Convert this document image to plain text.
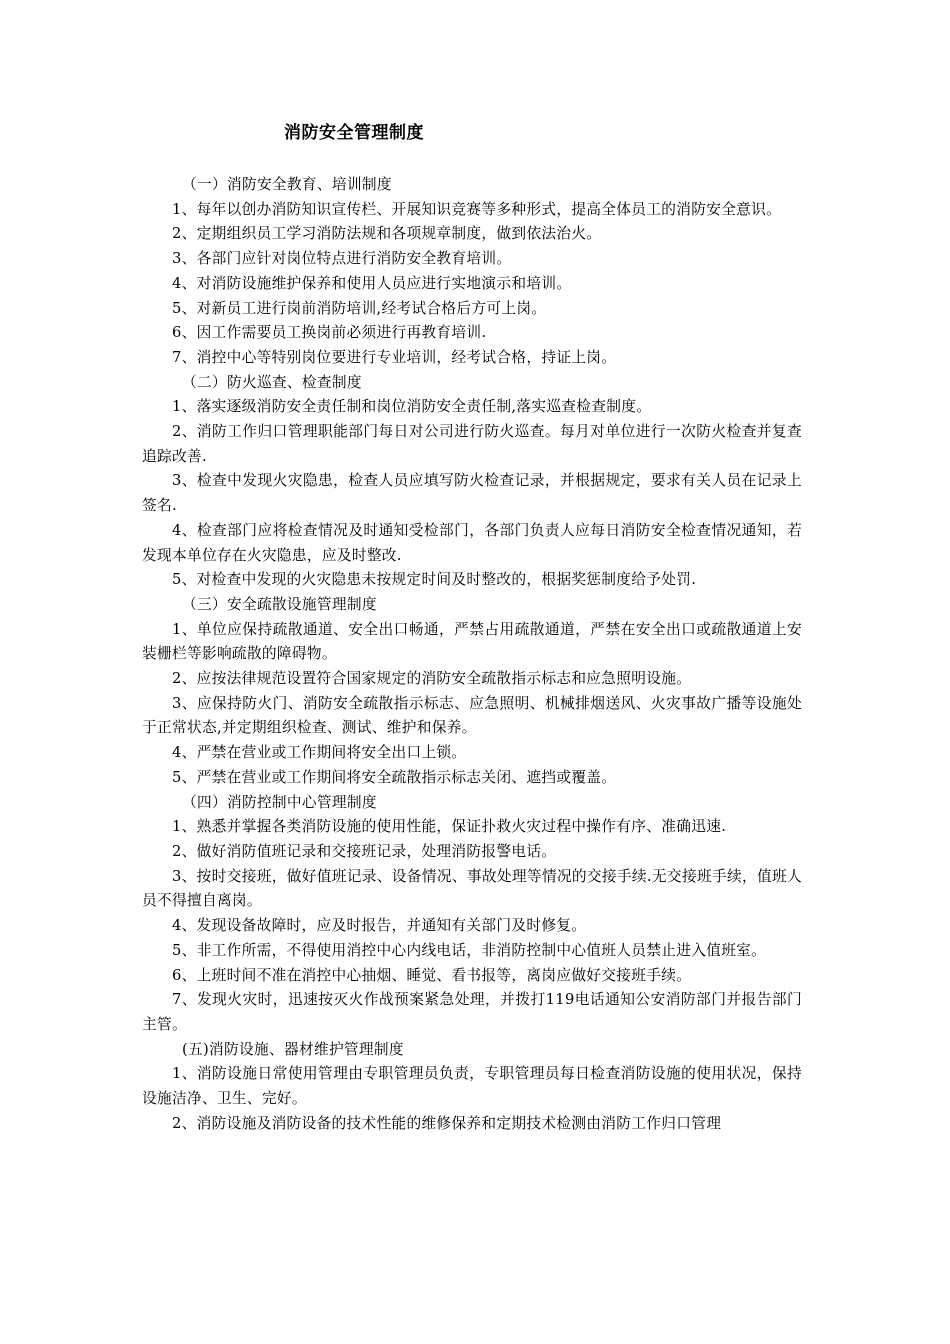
消防安全管理制度

（一）消防安全教育、培训制度

1、每年以创办消防知识宣传栏、开展知识竞赛等多种形式，提高全体员工的消防安全意识。

2、定期组织员工学习消防法规和各项规章制度，做到依法治火。

3、各部门应针对岗位特点进行消防安全教育培训。

4、对消防设施维护保养和使用人员应进行实地演示和培训。

5、对新员工进行岗前消防培训,经考试合格后方可上岗。

6、因工作需要员工换岗前必须进行再教育培训.

7、消控中心等特别岗位要进行专业培训，经考试合格，持证上岗。

（二）防火巡查、检查制度

1、落实逐级消防安全责任制和岗位消防安全责任制,落实巡查检查制度。

2、消防工作归口管理职能部门每日对公司进行防火巡查。每月对单位进行一次防火检查并复查追踪改善.

3、检查中发现火灾隐患，检查人员应填写防火检查记录，并根据规定，要求有关人员在记录上签名.

4、检查部门应将检查情况及时通知受检部门，各部门负责人应每日消防安全检查情况通知，若发现本单位存在火灾隐患，应及时整改.

5、对检查中发现的火灾隐患未按规定时间及时整改的，根据奖惩制度给予处罚.

（三）安全疏散设施管理制度

1、单位应保持疏散通道、安全出口畅通，严禁占用疏散通道，严禁在安全出口或疏散通道上安装栅栏等影响疏散的障碍物。

2、应按法律规范设置符合国家规定的消防安全疏散指示标志和应急照明设施。

3、应保持防火门、消防安全疏散指示标志、应急照明、机械排烟送风、火灾事故广播等设施处于正常状态,并定期组织检查、测试、维护和保养。

4、严禁在营业或工作期间将安全出口上锁。

5、严禁在营业或工作期间将安全疏散指示标志关闭、遮挡或覆盖。

（四）消防控制中心管理制度

1、熟悉并掌握各类消防设施的使用性能，保证扑救火灾过程中操作有序、准确迅速.

2、做好消防值班记录和交接班记录，处理消防报警电话。

3、按时交接班，做好值班记录、设备情况、事故处理等情况的交接手续.无交接班手续，值班人员不得擅自离岗。

4、发现设备故障时，应及时报告，并通知有关部门及时修复。

5、非工作所需，不得使用消控中心内线电话，非消防控制中心值班人员禁止进入值班室。

6、上班时间不准在消控中心抽烟、睡觉、看书报等，离岗应做好交接班手续。

7、发现火灾时，迅速按灭火作战预案紧急处理，并拨打119电话通知公安消防部门并报告部门主管。

(五)消防设施、器材维护管理制度

1、消防设施日常使用管理由专职管理员负责，专职管理员每日检查消防设施的使用状况，保持设施洁净、卫生、完好。

2、消防设施及消防设备的技术性能的维修保养和定期技术检测由消防工作归口管理
